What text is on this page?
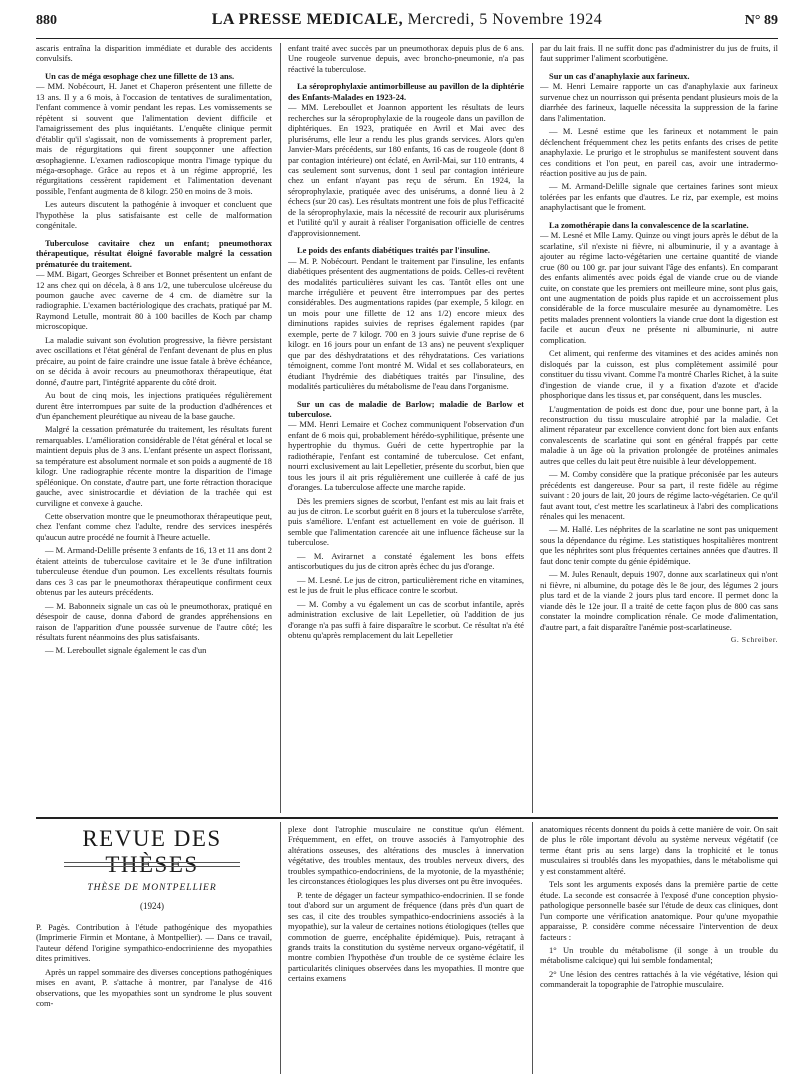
880	LA PRESSE MEDICALE, Mercredi, 5 Novembre 1924	N° 89

ascaris entraîna la disparition immédiate et durable des accidents convulsifs.

Un cas de méga œsophage chez une fillette de 13 ans.

— MM. Nobécourt, H. Janet et Chaperon présentent une fillette de 13 ans. Il y a 6 mois, à l'occasion de tentatives de suralimentation, l'enfant commence à vomir pendant les repas. Les vomissements se répètent si souvent que l'alimentation devient difficile et l'amaigrissement des plus inquiétants. L'enquête clinique permit d'établir qu'il s'agissait, non de vomissements à proprement parler, mais de régurgitations qui firent soupçonner une affection œsophagienne. L'examen radioscopique montra l'image typique du méga-œsophage. Grâce au repos et à un régime approprié, les régurgitations cessèrent rapidement et l'alimentation devenant possible, l'enfant augmenta de 8 kilogr. 250 en moins de 3 mois.

Les auteurs discutent la pathogénie à invoquer et concluent que l'hypothèse la plus satisfaisante est celle de malformation congénitale.

Tuberculose cavitaire chez un enfant; pneumothorax thérapeutique, résultat éloigné favorable malgré la cessation prématurée du traitement.

— MM. Bigart, Georges Schreiber et Bonnet présentent un enfant de 12 ans chez qui on décela, à 8 ans 1/2, une tuberculose ulcéreuse du poumon gauche avec caverne de 4 cm. de diamètre sur la radiographie. L'examen bactériologique des crachats, pratiqué par M. Raymond Letulle, montrait 80 à 100 bacilles de Koch par champ microscopique.

La maladie suivant son évolution progressive, la fièvre persistant avec oscillations et l'état général de l'enfant devenant de plus en plus précaire, au point de faire craindre une issue fatale à brève échéance, on se décida à avoir recours au pneumothorax thérapeutique, état donné, d'autre part, l'intégrité apparente du côté droit.

Au bout de cinq mois, les injections pratiquées régulièrement durent être interrompues par suite de la production d'adhérences et d'un épanchement pleurétique au niveau de la base gauche.

Malgré la cessation prématurée du traitement, les résultats furent remarquables. L'amélioration considérable de l'état général et local se maintient depuis plus de 3 ans. L'enfant présente un aspect florissant, sa température est absolument normale et son poids a augmenté de 18 kilogr. Une radiographie récente montre la disparition de l'image spéléonique. On constate, d'autre part, une forte rétraction thoracique gauche, avec sinistrocardie et déviation de la trachée qui est curviligne et convexe à gauche.

Cette observation montre que le pneumothorax thérapeutique peut, chez l'enfant comme chez l'adulte, rendre des services inespérés qu'aucun autre procédé ne fournit à l'heure actuelle.

— M. Armand-Delille présente 3 enfants de 16, 13 et 11 ans dont 2 étaient atteints de tuberculose cavitaire et le 3e d'une infiltration tuberculeuse étendue d'un poumon. Les excellents résultats fournis dans ces 3 cas par le pneumothorax thérapeutique confirment ceux obtenus par les auteurs précédents.

— M. Babonneix signale un cas où le pneumothorax, pratiqué en désespoir de cause, donna d'abord de grandes appréhensions en raison de l'apparition d'une poussée survenue de l'autre côté; les résultats furent néanmoins des plus satisfaisants.

— M. Lereboullet signale également le cas d'un

enfant traité avec succès par un pneumothorax depuis plus de 6 ans. Une rougeole survenue depuis, avec broncho-pneumonie, n'a pas réactivé la tuberculose.

La séroprophylaxie antimorbilleuse au pavillon de la diphtérie des Enfants-Malades en 1923-24.

— MM. Lereboullet et Joannon apportent les résultats de leurs recherches sur la séroprophylaxie de la rougeole dans un pavillon de diphtériques. En 1923, pratiquée en Avril et Mai avec des plurisérums, elle leur a rendu les plus grands services. Alors qu'en Janvier-Mars précédents, sur 180 enfants, 16 cas de rougeole (dont 8 par contagion intérieure) ont éclaté, en Avril-Mai, sur 110 entrants, 4 cas seulement sont survenus, dont 1 seul par contagion intérieure chez un enfant n'ayant pas reçu de sérum. En 1924, la séroprophylaxie, pratiquée avec des unisérums, a donné lieu à 2 échecs (sur 20 cas). Les résultats montrent une fois de plus l'efficacité de la séroprophylaxie, mais la nécessité de recourir aux plurisérums et l'utilité qu'il y aurait à réaliser l'organisation officielle de centres d'approvisionnement.

Le poids des enfants diabétiques traités par l'insuline.

— M. P. Nobécourt. Pendant le traitement par l'insuline, les enfants diabétiques présentent des augmentations de poids. Celles-ci revêtent des modalités particulières suivant les cas. Tantôt elles ont une marche irrégulière et peuvent être interrompues par des pertes considérables. Des augmentations rapides (par exemple, 5 kilogr. en un mois pour une fillette de 12 ans 1/2) encore mieux des diminutions rapides suivies de reprises également rapides (par exemple, perte de 7 kilogr. 700 en 3 jours suivie d'une reprise de 6 kilogr. en 16 jours pour un enfant de 13 ans) ne peuvent s'expliquer que par des déshydratations et des réhydratations. Ces variations témoignent, comme l'ont montré M. Widal et ses collaborateurs, en étudiant l'hydrémie des diabétiques traités par l'insuline, des modalités particulières du métabolisme de l'eau dans l'organisme.

Sur un cas de maladie de Barlow; maladie de Barlow et tuberculose.

— MM. Henri Lemaire et Cochez communiquent l'observation d'un enfant de 6 mois qui, probablement hérédo-syphilitique, présente une hypertrophie du thymus. Guéri de cette hypertrophie par la radiothérapie, l'enfant est contaminé de tuberculose. Cet enfant, nourri exclusivement au lait Lepelletier, présente du scorbut, bien que tous les jours il ait pris régulièrement une cuillerée à café de jus d'oranges. La tuberculose affecte une marche rapide.

Dès les premiers signes de scorbut, l'enfant est mis au lait frais et au jus de citron. Le scorbut guérit en 8 jours et la tuberculose s'arrête, puis s'améliore. L'enfant est actuellement en voie de guérison. Il semble que l'alimentation carencée ait une influence fâcheuse sur la tuberculose.

— M. Avirагnet a constaté également les bons effets antiscorbutiques du jus de citron après échec du jus d'orange.

— M. Lesné. Le jus de citron, particulièrement riche en vitamines, est le jus de fruit le plus efficace contre le scorbut.

— M. Comby a vu également un cas de scorbut infantile, après administration exclusive de lait Lepelletier, où l'addition de jus d'orange n'a pas suffi à faire disparaître le scorbut. Ce résultat n'a été obtenu qu'après remplacement du lait Lepelletier

par du lait frais. Il ne suffit donc pas d'administrer du jus de fruits, il faut supprimer l'aliment scorbutigène.

Sur un cas d'anaphylaxie aux farineux.

— M. Henri Lemaire rapporte un cas d'anaphylaxie aux farineux survenue chez un nourrisson qui présenta pendant plusieurs mois de la diarrhée des farineux, laquelle nécessita la suppression de la farine dans l'alimentation.

— M. Lesné estime que les farineux et notamment le pain déclenchent fréquemment chez les petits enfants des crises de petite anaphylaxie. Le prurigo et le strophulus se manifestent souvent dans ces conditions et l'on peut, en pareil cas, avoir une intradermo-réaction positive au jus de pain.

— M. Armand-Delille signale que certaines farines sont mieux tolérées par les enfants que d'autres. Le riz, par exemple, est moins anaphylactisant que le froment.

La zomothérapie dans la convalescence de la scarlatine.

— M. Lesné et Mlle Lamy. Quinze ou vingt jours après le début de la scarlatine, s'il n'existe ni fièvre, ni albuminurie, il y a avantage à ajouter au régime lacto-végétarien une certaine quantité de viande crue (80 ou 100 gr. par jour suivant l'âge des enfants). En comparant des enfants alimentés avec poids égal de viande crue ou de viande cuite, on constate que les premiers ont meilleure mine, sont plus gais, ont une augmentation de poids plus rapide et un accroissement plus considérable de la force musculaire mesurée au dynamomètre. Les petits malades prennent volontiers la viande crue dont la digestion est facile et aucun d'eux ne présente ni albuminurie, ni autre complication.

Cet aliment, qui renferme des vitamines et des acides aminés non disloqués par la cuisson, est plus complètement assimilé pour constituer du tissu vivant. Comme l'a montré Charles Richet, à la suite d'ingestion de viande crue, il y a fixation d'azote et d'acide phosphorique dans les tissus et, par conséquent, dans les muscles.

L'augmentation de poids est donc due, pour une bonne part, à la reconstruction du tissu musculaire atrophié par la maladie. Cet aliment réparateur par excellence convient donc fort bien aux enfants convalescents de scarlatine qui sont en général frappés par cette maladie à un âge où la privation prolongée de protéines animales autres que celles du lait peut être nuisible à leur développement.

— M. Comby considère que la pratique préconisée par les auteurs précédents est dangereuse. Pour sa part, il reste fidèle au régime suivant : 20 jours de lait, 20 jours de régime lacto-végétarien. Ce qu'il faut avant tout, c'est mettre les scarlatineux à l'abri des complications rénales qui les menacent.

— M. Hallé. Les néphrites de la scarlatine ne sont pas uniquement sous la dépendance du régime. Les statistiques hospitalières montrent que les néphrites sont plus fréquentes certaines années que d'autres. Il faut donc tenir compte du génie épidémique.

— M. Jules Renault, depuis 1907, donne aux scarlatineux qui n'ont ni fièvre, ni albumine, du potage dès le 8e jour, des légumes 2 jours plus tard et de la viande 2 jours plus tard encore. Il permet donc la viande dès le 12e jour. Il a traité de cette façon plus de 800 cas sans constater la moindre complication rénale. Ce mode d'alimentation, d'autre part, a fait disparaître l'anémie post-scarlatineuse.

G. Schreiber.
REVUE DES THÈSES
THÈSE DE MONTPELLIER
(1924)

P. Pagès. Contribution à l'étude pathogénique des myopathies (Imprimerie Firmin et Montane, à Montpellier). — Dans ce travail, l'auteur défend l'origine sympathico-endocrinienne des myopathies dites primitives.

Après un rappel sommaire des diverses conceptions pathogéniques mises en avant, P. s'attache à montrer, par l'analyse de 416 observations, que les myopathies sont un syndrome le plus souvent com-

plexe dont l'atrophie musculaire ne constitue qu'un élément. Fréquemment, en effet, on trouve associés à l'amyotrophie des altérations osseuses, des altérations des muscles à innervation végétative, des troubles mentaux, des troubles nerveux divers, des troubles sympathico-endocriniens, de la myotonie, de la myasthénie; les circonstances étiologiques les plus diverses ont pu être invoquées.

P. tente de dégager un facteur sympathico-endocrinien. Il se fonde tout d'abord sur un argument de fréquence (dans près d'un quart de ses cas, il cite des troubles sympathico-endocriniens associés à la myopathie), sur la valeur de certaines notions étiologiques (telles que commotion de guerre, encéphalite épidémique). Puis, retraçant à grands traits la constitution du système nerveux organo-végétatif, il montre combien l'hypothèse d'un trouble de ce système éclaire les particularités cliniques observées dans les myopathies. Il montre que certains examens

anatomiques récents donnent du poids à cette manière de voir. On sait de plus le rôle important dévolu au système nerveux végétatif (ce terme étant pris au sens large) dans la trophicité et le tonus musculaires si troublés dans les myopathies, dans le métabolisme qui y est constamment altéré.

Tels sont les arguments exposés dans la première partie de cette étude. La seconde est consacrée à l'exposé d'une conception physio-pathologique personnelle basée sur l'étude de deux cas cliniques, dont l'un comporte une vérification anatomique. Pour qu'une myopathie apparaisse, P. considère comme nécessaire l'intervention de deux facteurs :

1° Un trouble du métabolisme (il songe à un trouble du métabolisme calcique) qui lui semble fondamental;

2° Une lésion des centres rattachés à la vie végétative, lésion qui commanderait la topographie de l'atrophie musculaire.
